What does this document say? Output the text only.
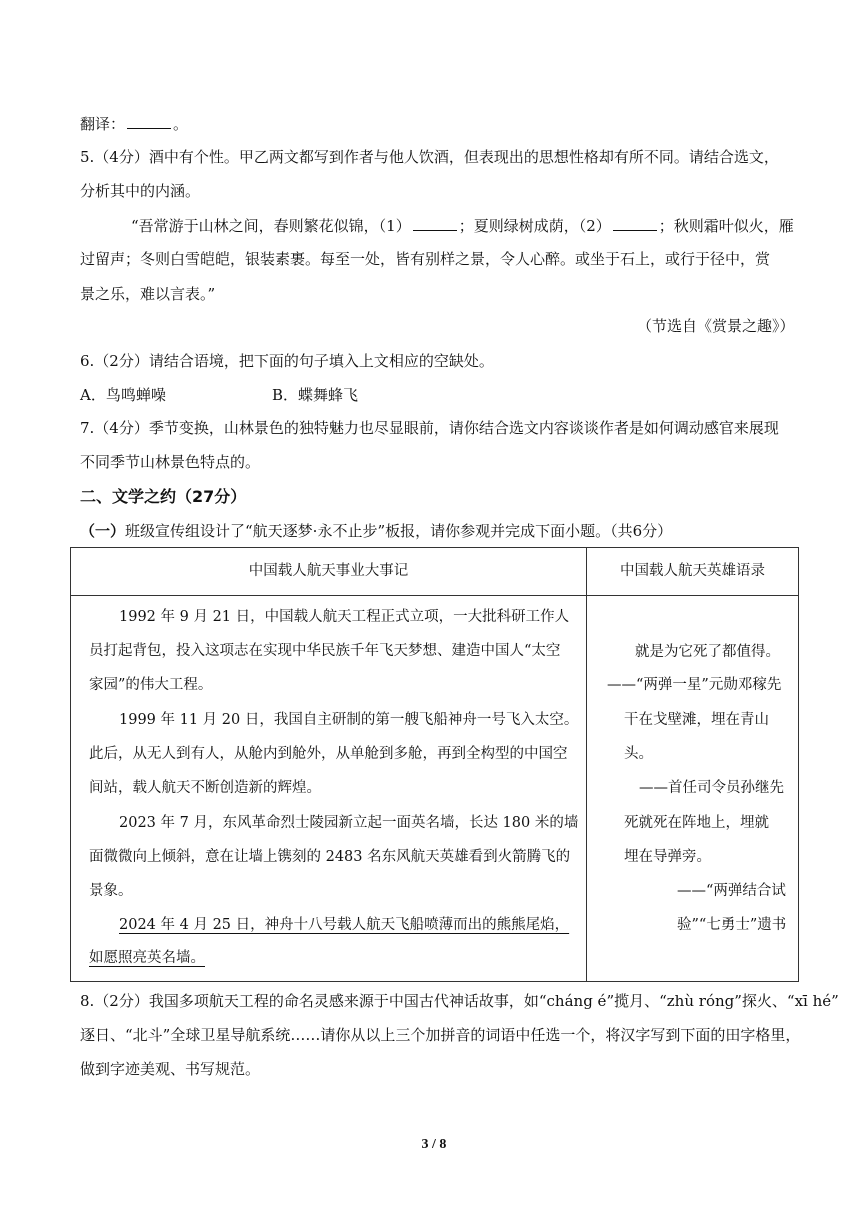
翻译：	。
5.（4分）酒中有个性。甲乙两文都写到作者与他人饮酒，但表现出的思想性格却有所不同。请结合选文，
分析其中的内涵。
“吾常游于山林之间，春则繁花似锦，（1）	；夏则绿树成荫，（2）	；秋则霜叶似火，雁
过留声；冬则白雪皑皑，银装素裹。每至一处，皆有别样之景，令人心醉。或坐于石上，或行于径中，赏
景之乐，难以言表。”
（节选自《赏景之趣》）
6.（2分）请结合语境，把下面的句子填入上文相应的空缺处。
A．鸟鸣蝉噪	B．蝶舞蜂飞
7.（4分）季节变换，山林景色的独特魅力也尽显眼前，请你结合选文内容谈谈作者是如何调动感官来展现
不同季节山林景色特点的。
二、文学之约（27分）
（一）班级宣传组设计了“航天逐梦·永不止步”板报，请你参观并完成下面小题。（共6分）
中国载人航天事业大事记	中国载人航天英雄语录
1992 年 9 月 21 日，中国载人航天工程正式立项，一大批科研工作人
员打起背包，投入这项志在实现中华民族千年飞天梦想、建造中国人“太空
家园”的伟大工程。
1999 年 11 月 20 日，我国自主研制的第一艘飞船神舟一号飞入太空。
此后，从无人到有人，从舱内到舱外，从单舱到多舱，再到全构型的中国空
间站，载人航天不断创造新的辉煌。
2023 年 7 月，东风革命烈士陵园新立起一面英名墙，长达 180 米的墙
面微微向上倾斜，意在让墙上镌刻的 2483 名东风航天英雄看到火箭腾飞的
景象。
2024 年 4 月 25 日，神舟十八号载人航天飞船喷薄而出的熊熊尾焰，
如愿照亮英名墙。
就是为它死了都值得。
——“两弹一星”元勋邓稼先
干在戈壁滩，埋在青山
头。
——首任司令员孙继先
死就死在阵地上，埋就
埋在导弹旁。
——“两弹结合试
验”“七勇士”遗书
8.（2分）我国多项航天工程的命名灵感来源于中国古代神话故事，如“cháng é”揽月、“zhù róng”探火、“xī hé”
逐日、“北斗”全球卫星导航系统……请你从以上三个加拼音的词语中任选一个，将汉字写到下面的田字格里，
做到字迹美观、书写规范。
3 / 8
